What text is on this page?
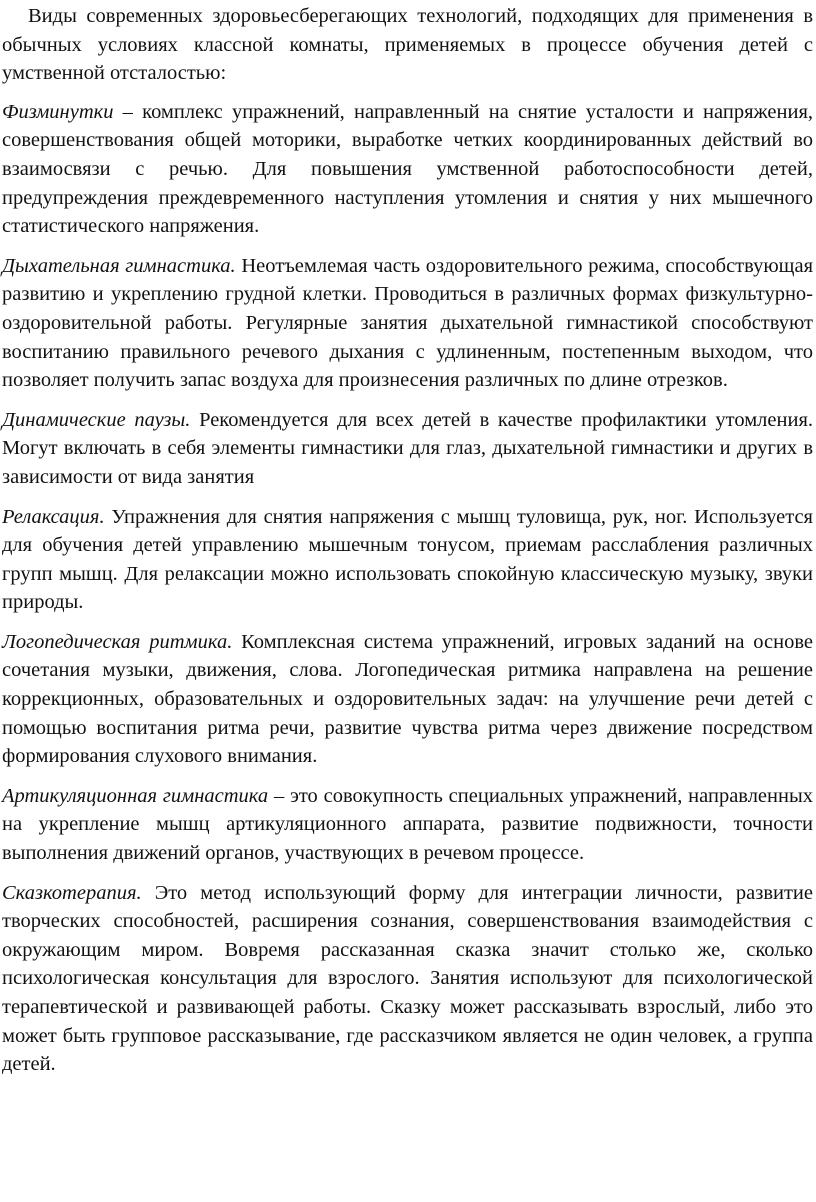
Виды современных здоровьесберегающих технологий, подходящих для применения в обычных условиях классной комнаты, применяемых в процессе обучения детей с умственной отсталостью:

Физминутки – комплекс упражнений, направленный на снятие усталости и напряжения, совершенствования общей моторики, выработке четких координированных действий во взаимосвязи с речью. Для повышения умственной работоспособности детей, предупреждения преждевременного наступления утомления и снятия у них мышечного статистического напряжения.

Дыхательная гимнастика. Неотъемлемая часть оздоровительного режима, способствующая развитию и укреплению грудной клетки. Проводиться в различных формах физкультурно-оздоровительной работы. Регулярные занятия дыхательной гимнастикой способствуют воспитанию правильного речевого дыхания с удлиненным, постепенным выходом, что позволяет получить запас воздуха для произнесения различных по длине отрезков.

Динамические паузы. Рекомендуется для всех детей в качестве профилактики утомления. Могут включать в себя элементы гимнастики для глаз, дыхательной гимнастики и других в зависимости от вида занятия

Релаксация. Упражнения для снятия напряжения с мышц туловища, рук, ног. Используется для обучения детей управлению мышечным тонусом, приемам расслабления различных групп мышц. Для релаксации можно использовать спокойную классическую музыку, звуки природы.

Логопедическая ритмика. Комплексная система упражнений, игровых заданий на основе сочетания музыки, движения, слова. Логопедическая ритмика направлена на решение коррекционных, образовательных и оздоровительных задач: на улучшение речи детей с помощью воспитания ритма речи, развитие чувства ритма через движение посредством формирования слухового внимания.

Артикуляционная гимнастика – это совокупность специальных упражнений, направленных на укрепление мышц артикуляционного аппарата, развитие подвижности, точности выполнения движений органов, участвующих в речевом процессе.

Сказкотерапия. Это метод использующий форму для интеграции личности, развитие творческих способностей, расширения сознания, совершенствования взаимодействия с окружающим миром. Вовремя рассказанная сказка значит столько же, сколько психологическая консультация для взрослого. Занятия используют для психологической терапевтической и развивающей работы. Сказку может рассказывать взрослый, либо это может быть групповое рассказывание, где рассказчиком является не один человек, а группа детей.
